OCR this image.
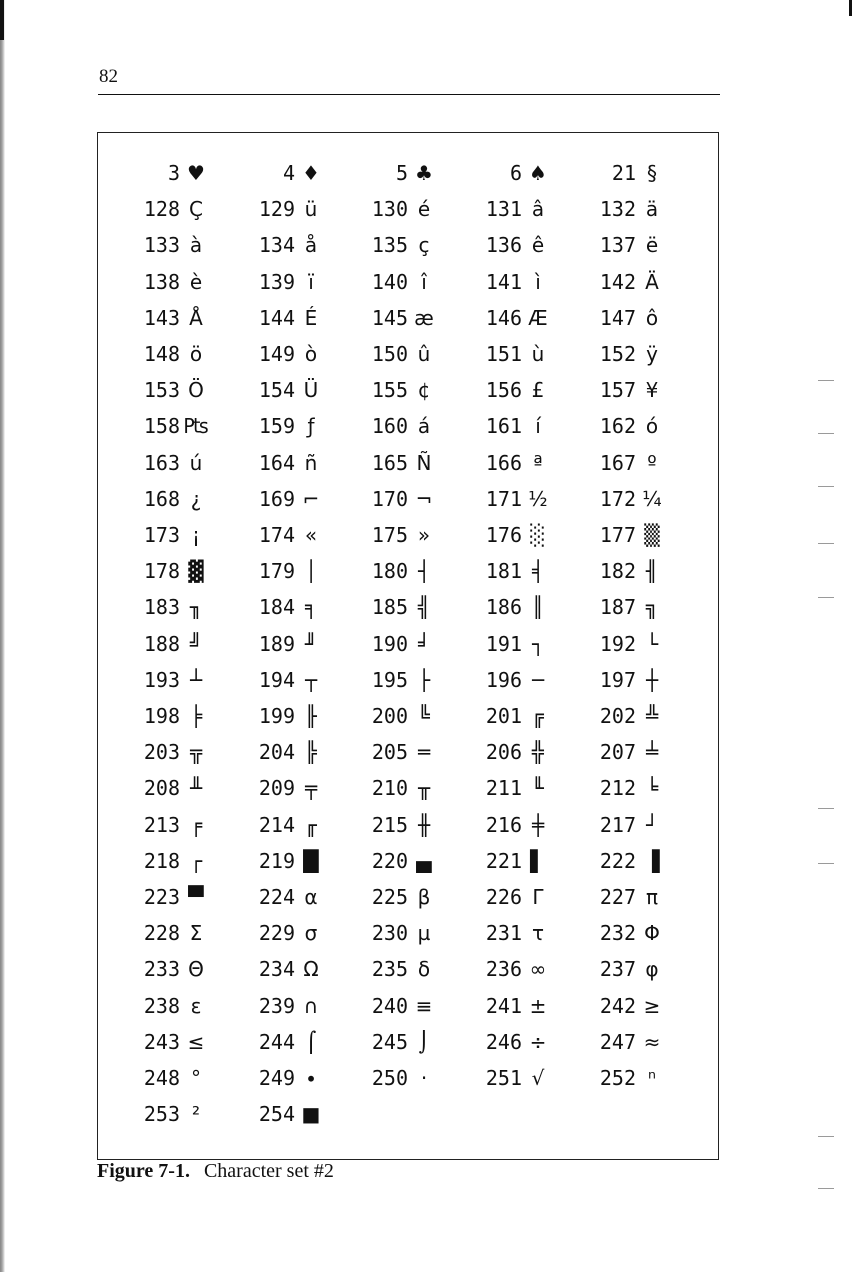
82
3 ♥	4 ♦	5 ♣	6 ♠	21 §
128 Ç	129 ü	130 é	131 â	132 ä
133 à	134 å	135 ç	136 ê	137 ë
138 è	139 ï	140 î	141 ì	142 Ä
143 Å	144 É	145 æ	146 Æ	147 ô
148 ö	149 ò	150 û	151 ù	152 ÿ
153 Ö	154 Ü	155 ¢	156 £	157 ¥
158 ₧	159 ƒ	160 á	161 í	162 ó
163 ú	164 ñ	165 Ñ	166 ª	167 º
168 ¿	169 ⌐	170 ¬	171 ½	172 ¼
173 ¡	174 «	175 »	176 ░	177 ▒
178 ▓	179 │	180 ┤	181 ╡	182 ╢
183 ╖	184 ╕	185 ╣	186 ║	187 ╗
188 ╝	189 ╜	190 ╛	191 ┐	192 └
193 ┴	194 ┬	195 ├	196 ─	197 ┼
198 ╞	199 ╟	200 ╚	201 ╔	202 ╩
203 ╦	204 ╠	205 ═	206 ╬	207 ╧
208 ╨	209 ╤	210 ╥	211 ╙	212 ╘
213 ╒	214 ╓	215 ╫	216 ╪	217 ┘
218 ┌	219 █	220 ▄	221 ▌	222 ▐
223 ▀	224 α	225 β	226 Γ	227 π
228 Σ	229 σ	230 µ	231 τ	232 Φ
233 Θ	234 Ω	235 δ	236 ∞	237 φ
238 ε	239 ∩	240 ≡	241 ±	242 ≥
243 ≤	244 ⌠	245 ⌡	246 ÷	247 ≈
248 °	249 ∙	250 ·	251 √	252 ⁿ
253 ²	254 ■
Figure 7-1. Character set #2
